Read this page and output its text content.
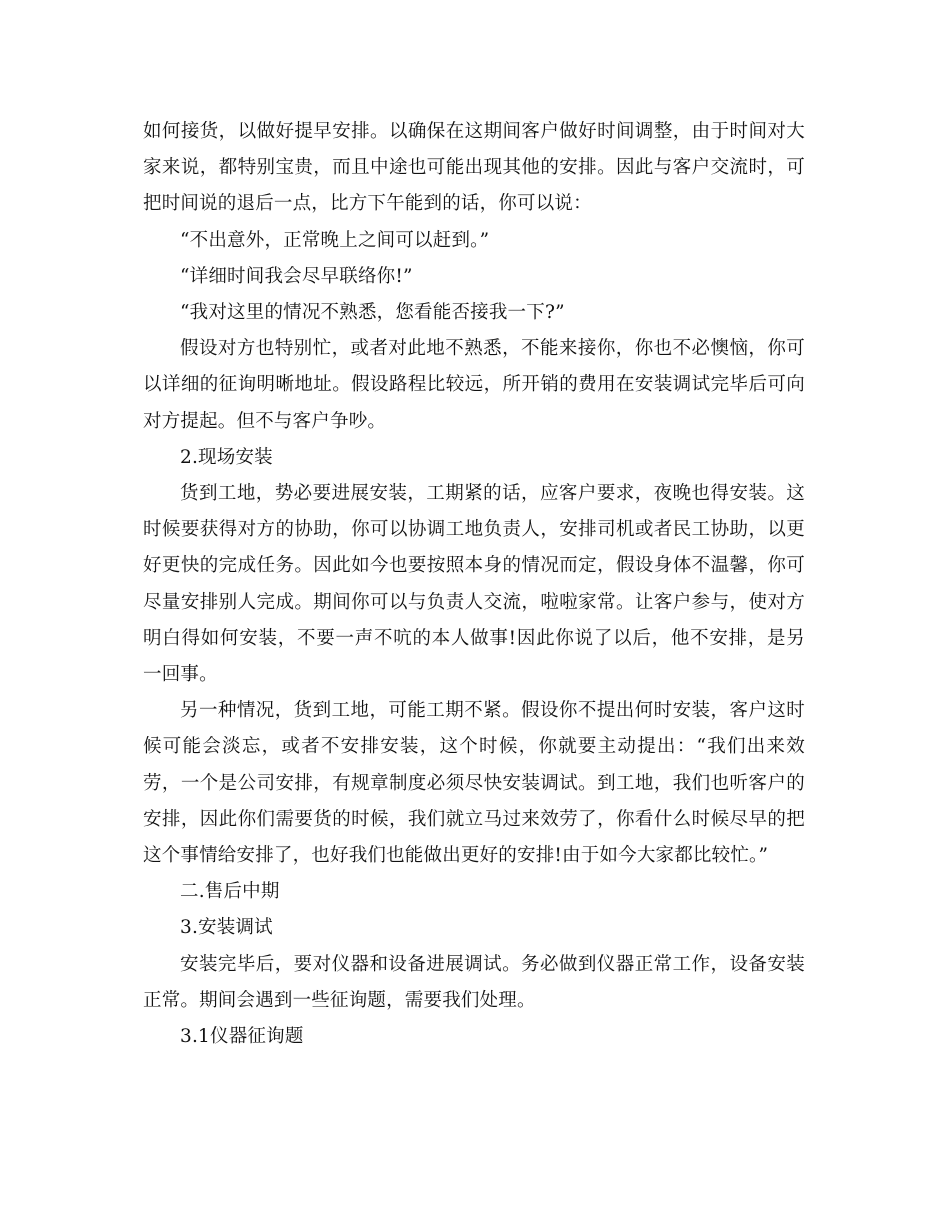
如何接货，以做好提早安排。以确保在这期间客户做好时间调整，由于时间对大家来说，都特别宝贵，而且中途也可能出现其他的安排。因此与客户交流时，可把时间说的退后一点，比方下午能到的话，你可以说：

“不出意外，正常晚上之间可以赶到。”

“详细时间我会尽早联络你!”

“我对这里的情况不熟悉，您看能否接我一下?”

假设对方也特别忙，或者对此地不熟悉，不能来接你，你也不必懊恼，你可以详细的征询明晰地址。假设路程比较远，所开销的费用在安装调试完毕后可向对方提起。但不与客户争吵。

2.现场安装

货到工地，势必要进展安装，工期紧的话，应客户要求，夜晚也得安装。这时候要获得对方的协助，你可以协调工地负责人，安排司机或者民工协助，以更好更快的完成任务。因此如今也要按照本身的情况而定，假设身体不温馨，你可尽量安排别人完成。期间你可以与负责人交流，啦啦家常。让客户参与，使对方明白得如何安装，不要一声不吭的本人做事!因此你说了以后，他不安排，是另一回事。

另一种情况，货到工地，可能工期不紧。假设你不提出何时安装，客户这时候可能会淡忘，或者不安排安装，这个时候，你就要主动提出：“我们出来效劳，一个是公司安排，有规章制度必须尽快安装调试。到工地，我们也听客户的安排，因此你们需要货的时候，我们就立马过来效劳了，你看什么时候尽早的把这个事情给安排了，也好我们也能做出更好的安排!由于如今大家都比较忙。”

二.售后中期

3.安装调试

安装完毕后，要对仪器和设备进展调试。务必做到仪器正常工作，设备安装正常。期间会遇到一些征询题，需要我们处理。

3.1仪器征询题
